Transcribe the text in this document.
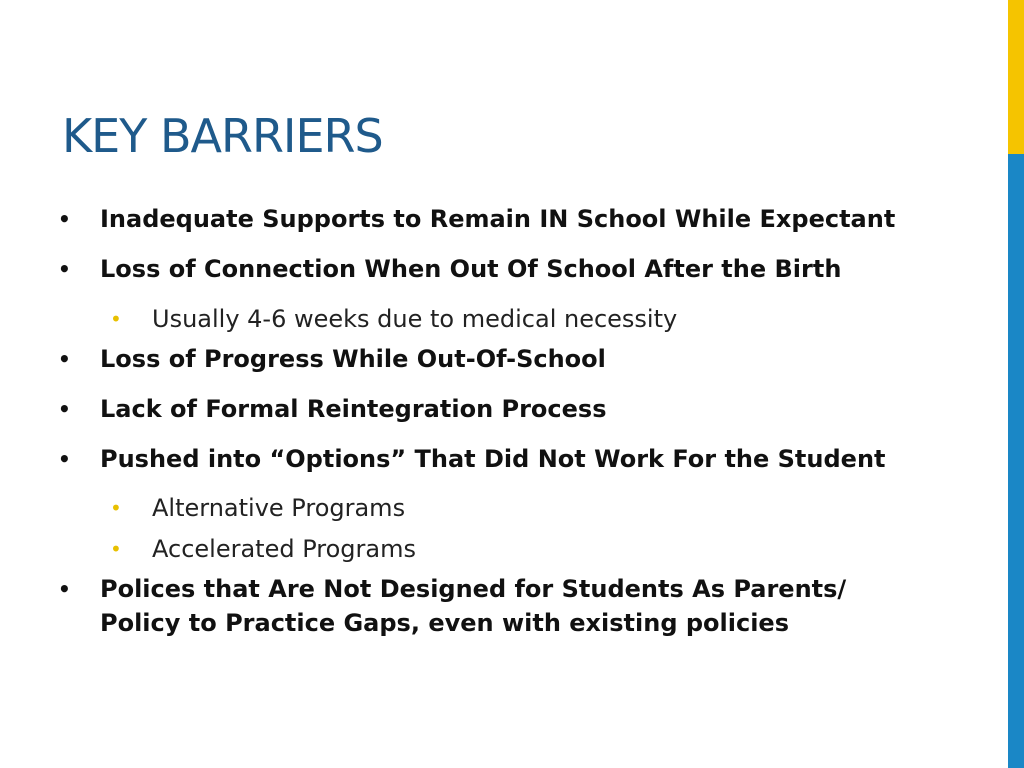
KEY BARRIERS
•	Inadequate Supports to Remain IN School While Expectant
•	Loss of Connection When Out Of School After the Birth
•	Usually 4-6 weeks due to medical necessity
•	Loss of Progress While Out-Of-School
•	Lack of Formal Reintegration Process
•	Pushed into “Options” That Did Not Work For the Student
•	Alternative Programs
•	Accelerated Programs
•	Polices that Are Not Designed for Students As Parents/ Policy to Practice Gaps, even with existing policies
